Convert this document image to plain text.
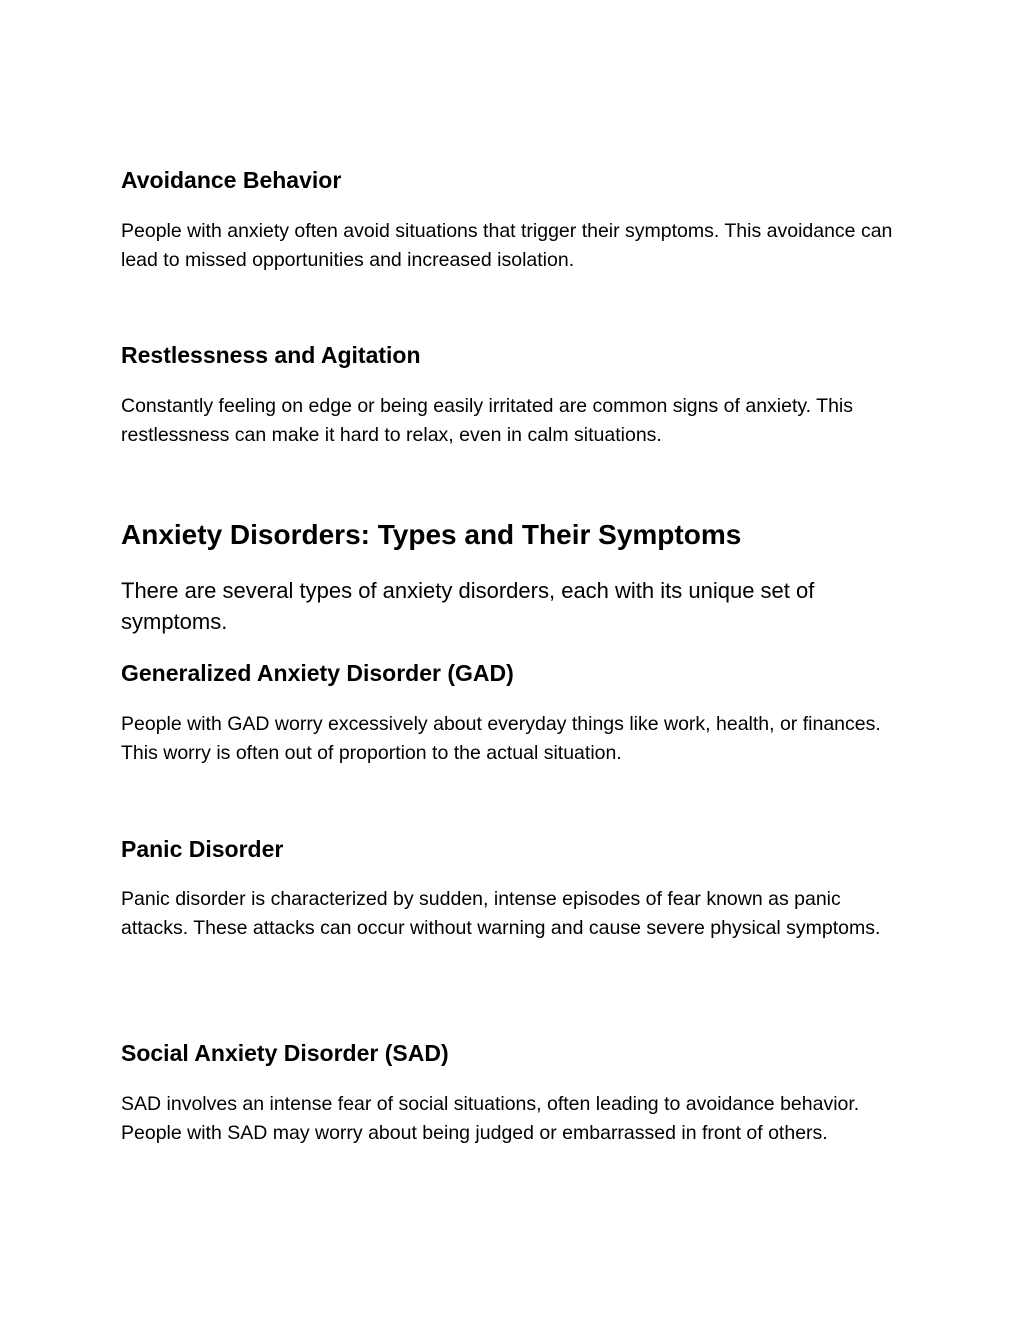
Avoidance Behavior

People with anxiety often avoid situations that trigger their symptoms. This avoidance can lead to missed opportunities and increased isolation.

Restlessness and Agitation

Constantly feeling on edge or being easily irritated are common signs of anxiety. This restlessness can make it hard to relax, even in calm situations.

Anxiety Disorders: Types and Their Symptoms

There are several types of anxiety disorders, each with its unique set of symptoms.

Generalized Anxiety Disorder (GAD)

People with GAD worry excessively about everyday things like work, health, or finances. This worry is often out of proportion to the actual situation.

Panic Disorder

Panic disorder is characterized by sudden, intense episodes of fear known as panic attacks. These attacks can occur without warning and cause severe physical symptoms.

Social Anxiety Disorder (SAD)

SAD involves an intense fear of social situations, often leading to avoidance behavior. People with SAD may worry about being judged or embarrassed in front of others.
